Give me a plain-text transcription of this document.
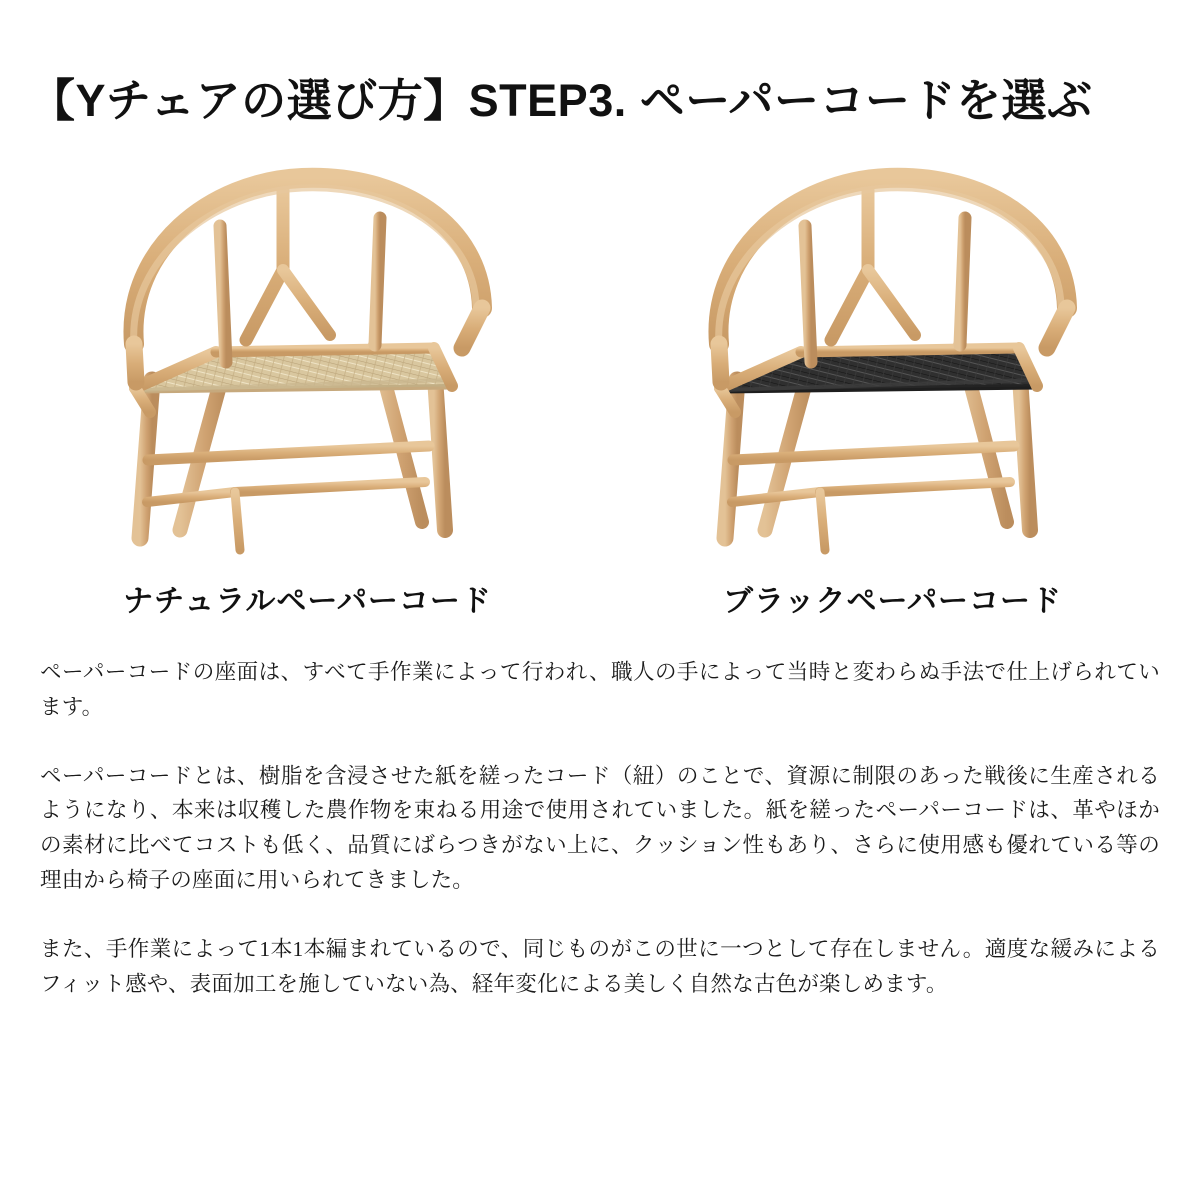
【Yチェアの選び方】STEP3. ペーパーコードを選ぶ
ナチュラルペーパーコード	ブラックペーパーコード

ペーパーコードの座面は、すべて手作業によって行われ、職人の手によって当時と変わらぬ手法で仕上げられています。

ペーパーコードとは、樹脂を含浸させた紙を縒ったコード（紐）のことで、資源に制限のあった戦後に生産されるようになり、本来は収穫した農作物を束ねる用途で使用されていました。紙を縒ったペーパーコードは、革やほかの素材に比べてコストも低く、品質にばらつきがない上に、クッション性もあり、さらに使用感も優れている等の理由から椅子の座面に用いられてきました。

また、手作業によって1本1本編まれているので、同じものがこの世に一つとして存在しません。適度な緩みによるフィット感や、表面加工を施していない為、経年変化による美しく自然な古色が楽しめます。
